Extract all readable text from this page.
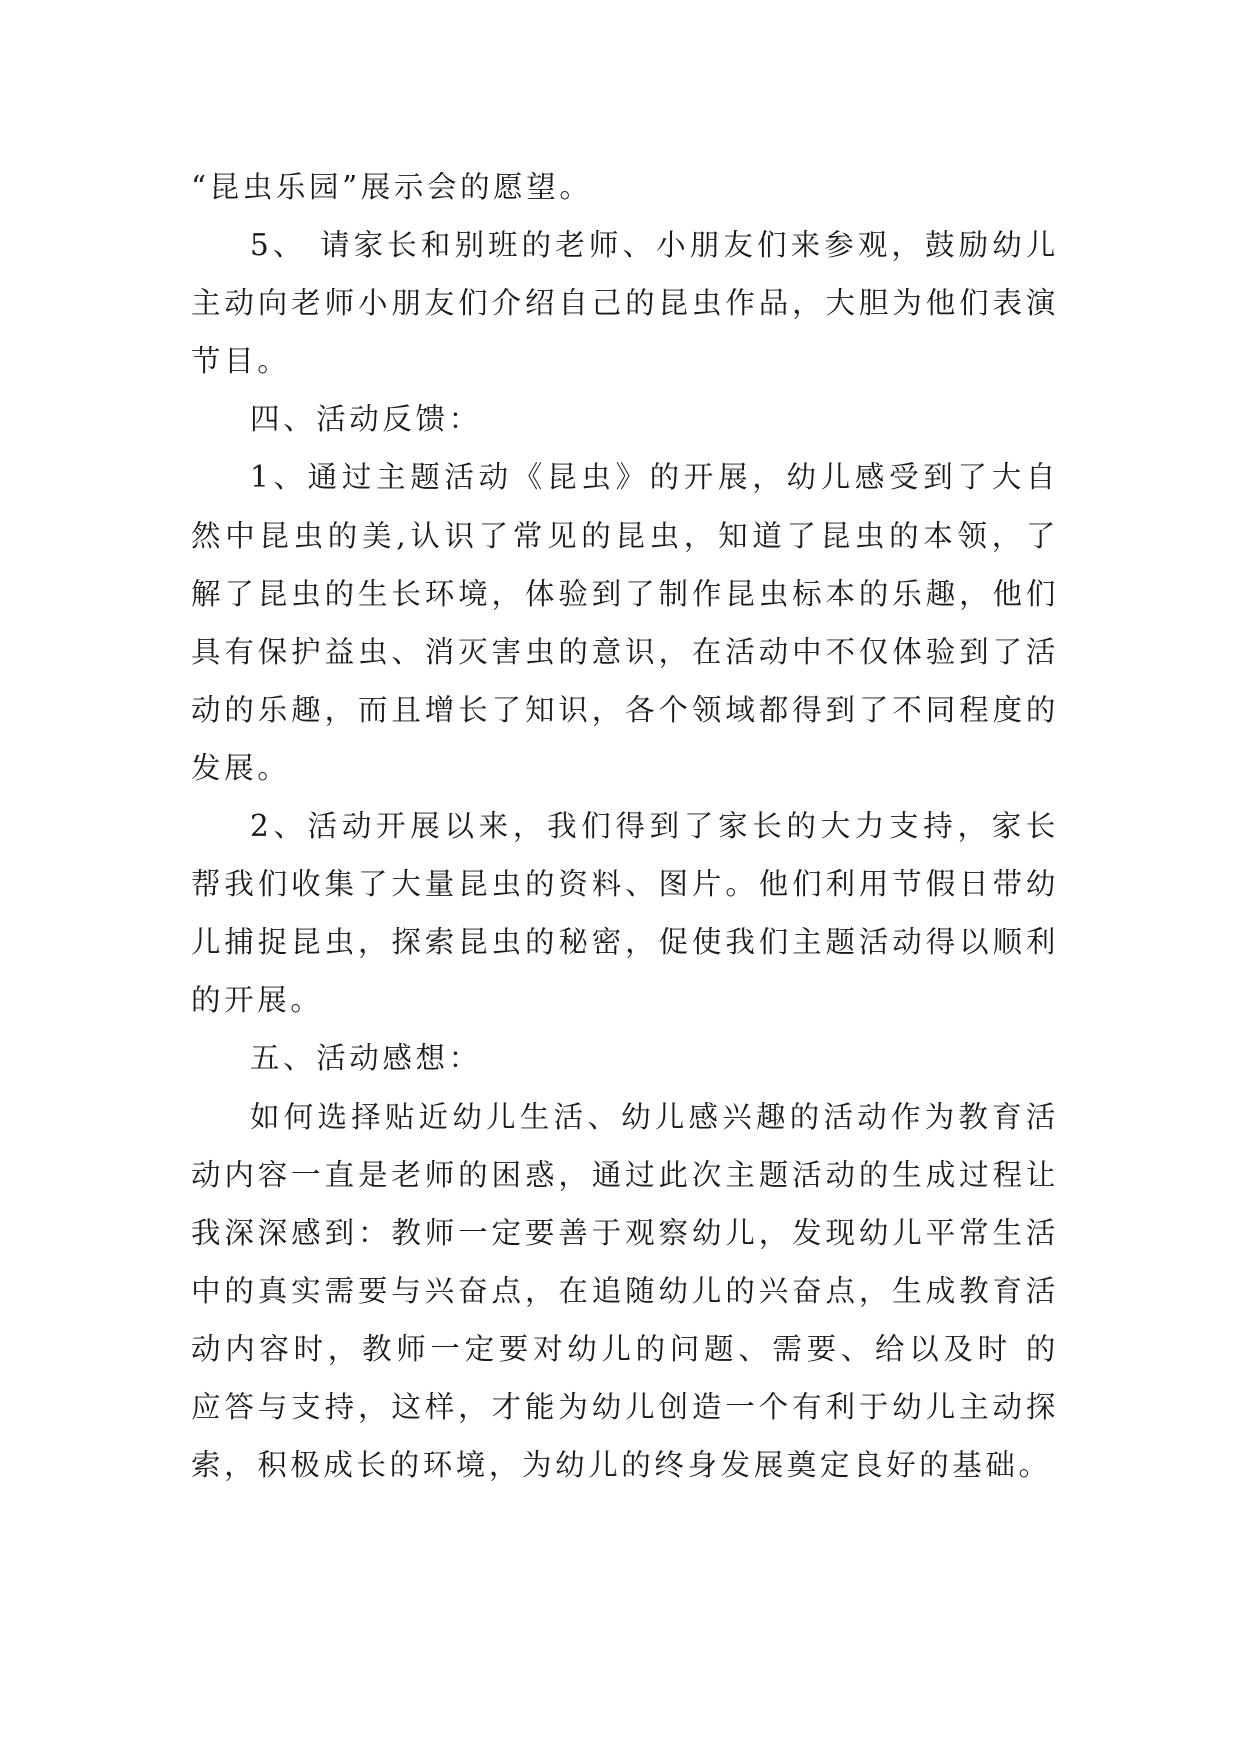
“昆虫乐园”展示会的愿望。

5、 请家长和别班的老师、小朋友们来参观，鼓励幼儿主动向老师小朋友们介绍自己的昆虫作品，大胆为他们表演节目。

四、活动反馈：

1、通过主题活动《昆虫》的开展，幼儿感受到了大自然中昆虫的美,认识了常见的昆虫，知道了昆虫的本领，了解了昆虫的生长环境，体验到了制作昆虫标本的乐趣，他们具有保护益虫、消灭害虫的意识，在活动中不仅体验到了活动的乐趣，而且增长了知识，各个领域都得到了不同程度的发展。

2、活动开展以来，我们得到了家长的大力支持，家长帮我们收集了大量昆虫的资料、图片。他们利用节假日带幼儿捕捉昆虫，探索昆虫的秘密，促使我们主题活动得以顺利的开展。

五、活动感想：

如何选择贴近幼儿生活、幼儿感兴趣的活动作为教育活动内容一直是老师的困惑，通过此次主题活动的生成过程让我深深感到：教师一定要善于观察幼儿，发现幼儿平常生活中的真实需要与兴奋点，在追随幼儿的兴奋点，生成教育活动内容时，教师一定要对幼儿的问题、需要、给以及时 的应答与支持，这样，才能为幼儿创造一个有利于幼儿主动探索，积极成长的环境，为幼儿的终身发展奠定良好的基础。
